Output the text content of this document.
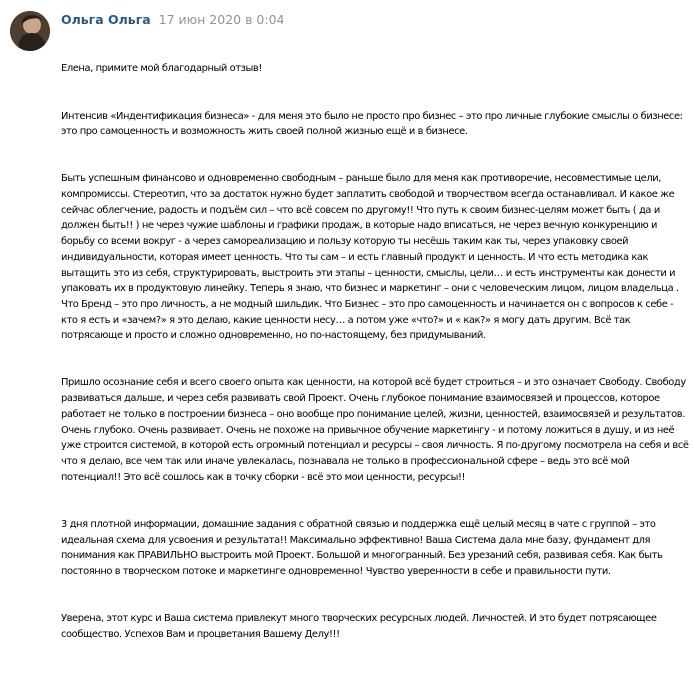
Ольга Ольга 17 июн 2020 в 0:04

Елена, примите мой благодарный отзыв!

Интенсив «Индентификация бизнеса» - для меня это было не просто про бизнес – это про личные глубокие смыслы о бизнесе: это про самоценность и возможность жить своей полной жизнью ещё и в бизнесе.

Быть успешным финансово и одновременно свободным – раньше было для меня как противоречие, несовместимые цели, компромиссы. Стереотип, что за достаток нужно будет заплатить свободой и творчеством всегда останавливал. И какое же сейчас облегчение, радость и подъём сил – что всё совсем по другому!! Что путь к своим бизнес-целям может быть ( да и должен быть!! ) не через чужие шаблоны и графики продаж, в которые надо вписаться, не через вечную конкуренцию и борьбу со всеми вокруг - а через самореализацию и пользу которую ты несёшь таким как ты, через упаковку своей индивидуальности, которая имеет ценность. Что ты сам – и есть главный продукт и ценность. И что есть методика как вытащить это из себя, структурировать, выстроить эти этапы – ценности, смыслы, цели… и есть инструменты как донести и упаковать их в продуктовую линейку. Теперь я знаю, что бизнес и маркетинг – они с человеческим лицом, лицом владельца . Что Бренд – это про личность, а не модный шильдик. Что Бизнес – это про самоценность и начинается он с вопросов к себе - кто я есть и «зачем?» я это делаю, какие ценности несу… а потом уже «что?» и « как?» я могу дать другим. Всё так потрясающе и просто и сложно одновременно, но по-настоящему, без придумываний.

Пришло осознание себя и всего своего опыта как ценности, на которой всё будет строиться – и это означает Свободу. Свободу развиваться дальше, и через себя развивать свой Проект. Очень глубокое понимание взаимосвязей и процессов, которое работает не только в построении бизнеса – оно вообще про понимание целей, жизни, ценностей, взаимосвязей и результатов. Очень глубоко. Очень развивает. Очень не похоже на привычное обучение маркетингу - и потому ложиться в душу, и из неё уже строится системой, в которой есть огромный потенциал и ресурсы – своя личность. Я по-другому посмотрела на себя и всё что я делаю, все чем так или иначе увлекалась, познавала не только в профессиональной сфере – ведь это всё мой потенциал!! Это всё сошлось как в точку сборки - всё это мои ценности, ресурсы!!

3 дня плотной информации, домашние задания с обратной связью и поддержка ещё целый месяц в чате с группой – это идеальная схема для усвоения и результата!! Максимально эффективно! Ваша Система дала мне базу, фундамент для понимания как ПРАВИЛЬНО выстроить мой Проект. Большой и многогранный. Без урезаний себя, развивая себя. Как быть постоянно в творческом потоке и маркетинге одновременно! Чувство уверенности в себе и правильности пути.

Уверена, этот курс и Ваша система привлекут много творческих ресурсных людей. Личностей. И это будет потрясающее сообщество. Успехов Вам и процветания Вашему Делу!!!
